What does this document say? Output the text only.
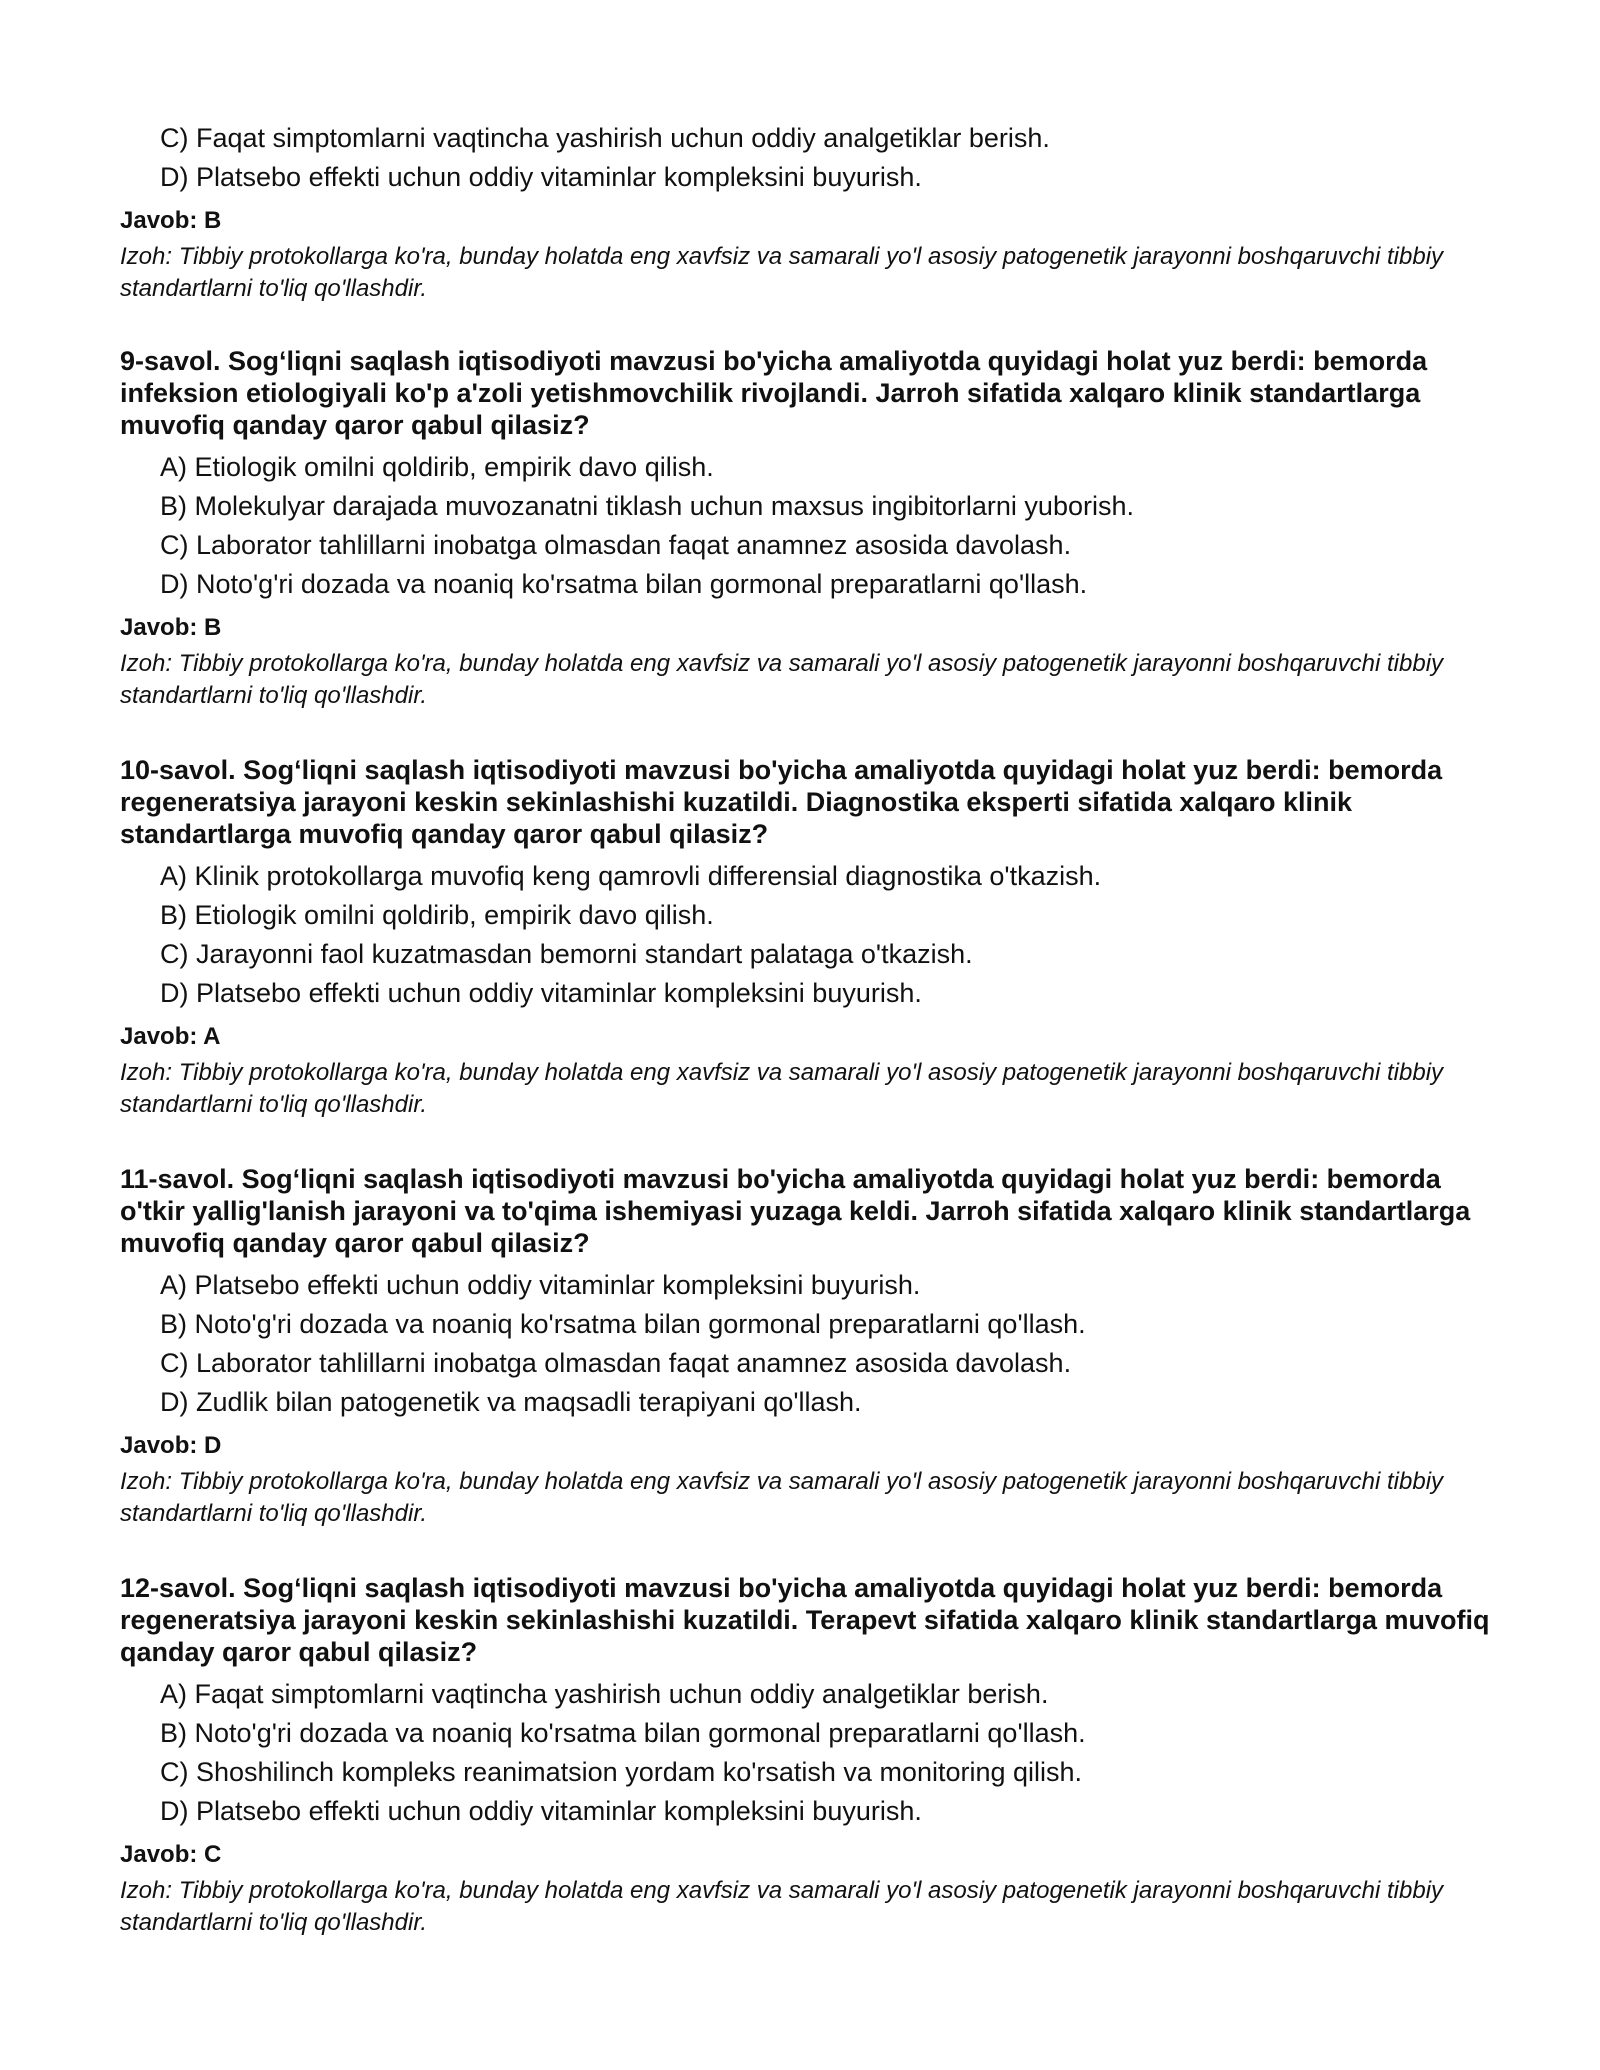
C) Faqat simptomlarni vaqtincha yashirish uchun oddiy analgetiklar berish.
D) Platsebo effekti uchun oddiy vitaminlar kompleksini buyurish.
Javob: B
Izoh: Tibbiy protokollarga ko'ra, bunday holatda eng xavfsiz va samarali yo'l asosiy patogenetik jarayonni boshqaruvchi tibbiy standartlarni to'liq qo'llashdir.
9-savol. Sog‘liqni saqlash iqtisodiyoti mavzusi bo'yicha amaliyotda quyidagi holat yuz berdi: bemorda infeksion etiologiyali ko'p a'zoli yetishmovchilik rivojlandi. Jarroh sifatida xalqaro klinik standartlarga muvofiq qanday qaror qabul qilasiz?
A) Etiologik omilni qoldirib, empirik davo qilish.
B) Molekulyar darajada muvozanatni tiklash uchun maxsus ingibitorlarni yuborish.
C) Laborator tahlillarni inobatga olmasdan faqat anamnez asosida davolash.
D) Noto'g'ri dozada va noaniq ko'rsatma bilan gormonal preparatlarni qo'llash.
Javob: B
Izoh: Tibbiy protokollarga ko'ra, bunday holatda eng xavfsiz va samarali yo'l asosiy patogenetik jarayonni boshqaruvchi tibbiy standartlarni to'liq qo'llashdir.
10-savol. Sog‘liqni saqlash iqtisodiyoti mavzusi bo'yicha amaliyotda quyidagi holat yuz berdi: bemorda regeneratsiya jarayoni keskin sekinlashishi kuzatildi. Diagnostika eksperti sifatida xalqaro klinik standartlarga muvofiq qanday qaror qabul qilasiz?
A) Klinik protokollarga muvofiq keng qamrovli differensial diagnostika o'tkazish.
B) Etiologik omilni qoldirib, empirik davo qilish.
C) Jarayonni faol kuzatmasdan bemorni standart palataga o'tkazish.
D) Platsebo effekti uchun oddiy vitaminlar kompleksini buyurish.
Javob: A
Izoh: Tibbiy protokollarga ko'ra, bunday holatda eng xavfsiz va samarali yo'l asosiy patogenetik jarayonni boshqaruvchi tibbiy standartlarni to'liq qo'llashdir.
11-savol. Sog‘liqni saqlash iqtisodiyoti mavzusi bo'yicha amaliyotda quyidagi holat yuz berdi: bemorda o'tkir yallig'lanish jarayoni va to'qima ishemiyasi yuzaga keldi. Jarroh sifatida xalqaro klinik standartlarga muvofiq qanday qaror qabul qilasiz?
A) Platsebo effekti uchun oddiy vitaminlar kompleksini buyurish.
B) Noto'g'ri dozada va noaniq ko'rsatma bilan gormonal preparatlarni qo'llash.
C) Laborator tahlillarni inobatga olmasdan faqat anamnez asosida davolash.
D) Zudlik bilan patogenetik va maqsadli terapiyani qo'llash.
Javob: D
Izoh: Tibbiy protokollarga ko'ra, bunday holatda eng xavfsiz va samarali yo'l asosiy patogenetik jarayonni boshqaruvchi tibbiy standartlarni to'liq qo'llashdir.
12-savol. Sog‘liqni saqlash iqtisodiyoti mavzusi bo'yicha amaliyotda quyidagi holat yuz berdi: bemorda regeneratsiya jarayoni keskin sekinlashishi kuzatildi. Terapevt sifatida xalqaro klinik standartlarga muvofiq qanday qaror qabul qilasiz?
A) Faqat simptomlarni vaqtincha yashirish uchun oddiy analgetiklar berish.
B) Noto'g'ri dozada va noaniq ko'rsatma bilan gormonal preparatlarni qo'llash.
C) Shoshilinch kompleks reanimatsion yordam ko'rsatish va monitoring qilish.
D) Platsebo effekti uchun oddiy vitaminlar kompleksini buyurish.
Javob: C
Izoh: Tibbiy protokollarga ko'ra, bunday holatda eng xavfsiz va samarali yo'l asosiy patogenetik jarayonni boshqaruvchi tibbiy standartlarni to'liq qo'llashdir.
